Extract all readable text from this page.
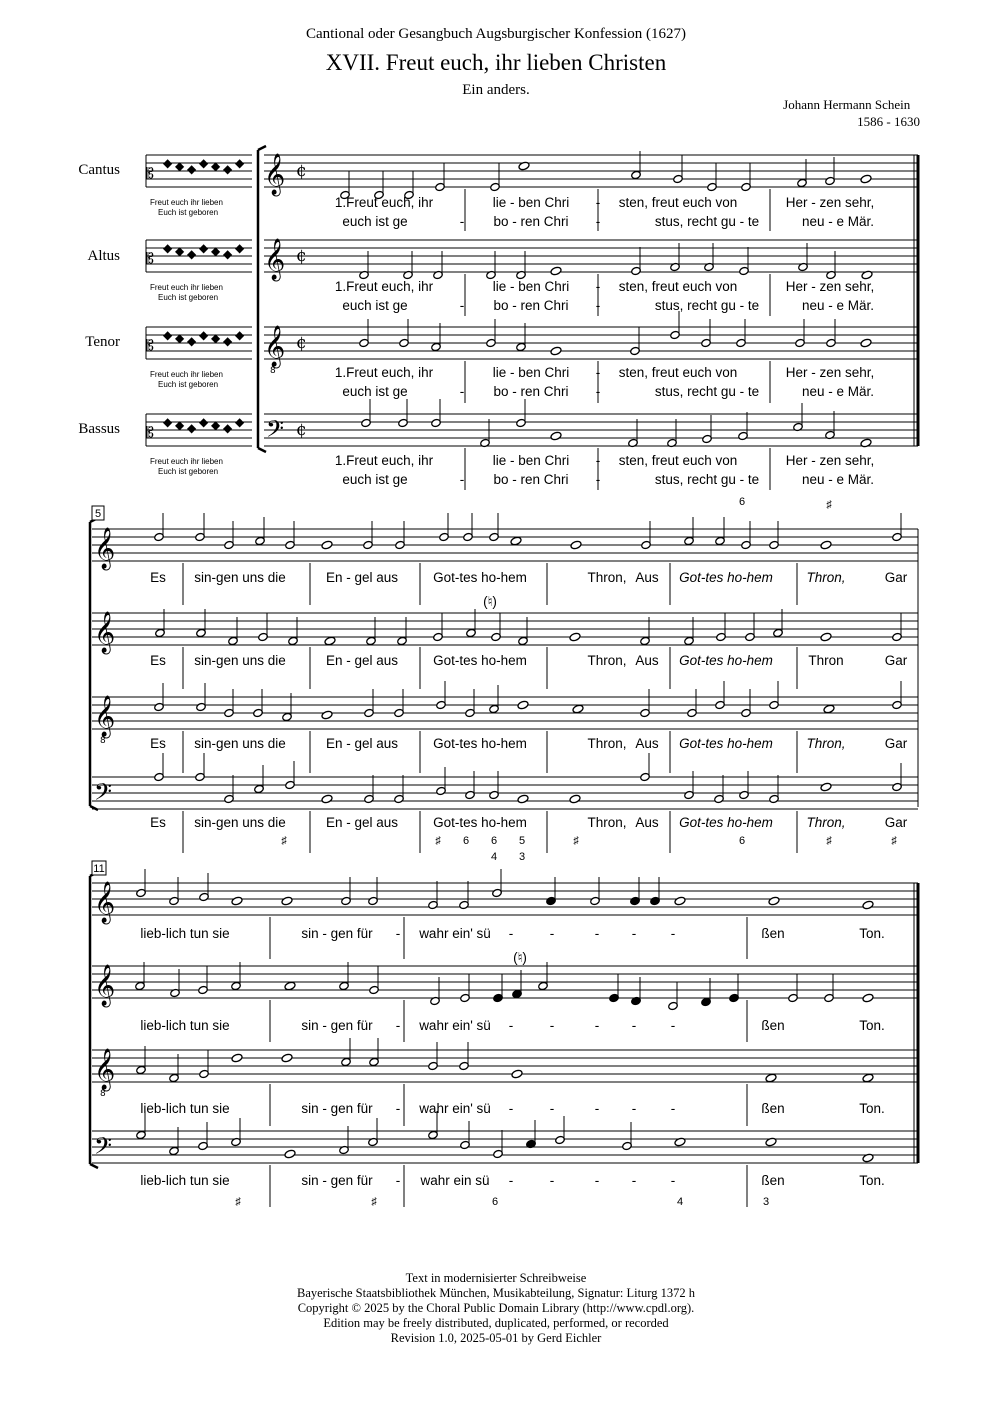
Cantional oder Gesangbuch Augsburgischer Konfession (1627)
XVII. Freut euch, ihr lieben Christen
Ein anders.
Johann Hermann Schein
1586 - 1630
Cantus
Altus
Tenor
Bassus
𝄡
◆ ◆ ◆ ◆ ◆ ◆ ◆
Freut euch ihr lieben
Euch ist geboren
𝄞 ¢
𝄡
◆ ◆ ◆ ◆ ◆ ◆ ◆
Freut euch ihr lieben
Euch ist geboren
𝄞 ¢
𝄡
◆ ◆ ◆ ◆ ◆ ◆ ◆
Freut euch ihr lieben
Euch ist geboren
𝄞
8
¢
𝄡
◆ ◆ ◆ ◆ ◆ ◆ ◆
Freut euch ihr lieben
Euch ist geboren
𝄢 ¢
1.Freut euch, ihr	lie - ben Chri - sten, freut euch von	Her - zen sehr,
euch ist ge	- bo - ren Chri -	stus, recht gu - te	neu - e Mär.
1.Freut euch, ihr	lie - ben Chri - sten, freut euch von	Her - zen sehr,
euch ist ge	- bo - ren Chri -	stus, recht gu - te	neu - e Mär.
1.Freut euch, ihr	lie - ben Chri - sten, freut euch von	Her - zen sehr,
euch ist ge	- bo - ren Chri -	stus, recht gu - te	neu - e Mär.
1.Freut euch, ihr	lie - ben Chri - sten, freut euch von	Her - zen sehr,
euch ist ge	- bo - ren Chri -	stus, recht gu - te	neu - e Mär.
6	♯
𝄞
𝄞
𝄞
8
𝄢
5
Es sin-gen uns die	En - gel aus	Got-tes ho-hem	Thron, Aus Got-tes ho-hem Thron,	Gar
Es sin-gen uns die	En - gel aus	Got-tes ho-hem	Thron, Aus Got-tes ho-hem	Thron	Gar
Es sin-gen uns die	En - gel aus	Got-tes ho-hem	Thron, Aus Got-tes ho-hem Thron,	Gar
Es sin-gen uns die	En - gel aus	Got-tes ho-hem	Thron, Aus Got-tes ho-hem Thron,	Gar
(♮)
♯	♯ 6 6 5
4 3
♯	6	♯	♯
𝄞
𝄞
𝄞
8
𝄢
11
lieb-lich tun sie	sin - gen für - wahr ein' sü -	-	- -	-	ßen	Ton.
lieb-lich tun sie	sin - gen für - wahr ein' sü -	-	- -	-	ßen	Ton.
lieb-lich tun sie	sin - gen für - wahr ein' sü -	-	- -	-	ßen	Ton.
lieb-lich tun sie	sin - gen für - wahr ein sü -	-	- -	-	ßen	Ton.
(♮)
♯	♯	6	4	3
Text in modernisierter Schreibweise
Bayerische Staatsbibliothek München, Musikabteilung, Signatur: Liturg 1372 h
Copyright © 2025 by the Choral Public Domain Library (http://www.cpdl.org).
Edition may be freely distributed, duplicated, performed, or recorded
Revision 1.0, 2025-05-01 by Gerd Eichler
